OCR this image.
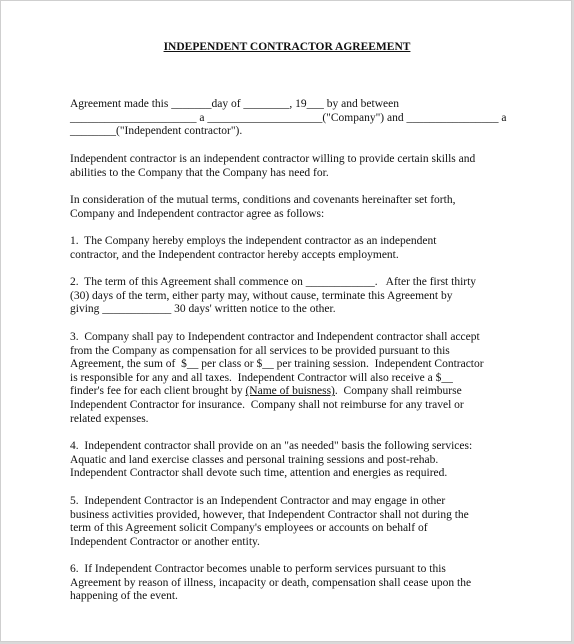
INDEPENDENT CONTRACTOR AGREEMENT
Agreement made this _______day of ________, 19___ by and between
______________________ a ____________________("Company") and ________________ a
________("Independent contractor").
Independent contractor is an independent contractor willing to provide certain skills and
abilities to the Company that the Company has need for.
In consideration of the mutual terms, conditions and covenants hereinafter set forth,
Company and Independent contractor agree as follows:
1.  The Company hereby employs the independent contractor as an independent
contractor, and the Independent contractor hereby accepts employment.
2.  The term of this Agreement shall commence on ____________.   After the first thirty
(30) days of the term, either party may, without cause, terminate this Agreement by
giving ____________ 30 days' written notice to the other.
3.  Company shall pay to Independent contractor and Independent contractor shall accept
from the Company as compensation for all services to be provided pursuant to this
Agreement, the sum of  $__ per class or $__ per training session.  Independent Contractor
is responsible for any and all taxes.  Independent Contractor will also receive a $__
finder's fee for each client brought by (Name of buisness).  Company shall reimburse
Independent Contractor for insurance.  Company shall not reimburse for any travel or
related expenses.
4.  Independent contractor shall provide on an "as needed" basis the following services:
Aquatic and land exercise classes and personal training sessions and post-rehab.
Independent Contractor shall devote such time, attention and energies as required.
5.  Independent Contractor is an Independent Contractor and may engage in other
business activities provided, however, that Independent Contractor shall not during the
term of this Agreement solicit Company's employees or accounts on behalf of
Independent Contractor or another entity.
6.  If Independent Contractor becomes unable to perform services pursuant to this
Agreement by reason of illness, incapacity or death, compensation shall cease upon the
happening of the event.
